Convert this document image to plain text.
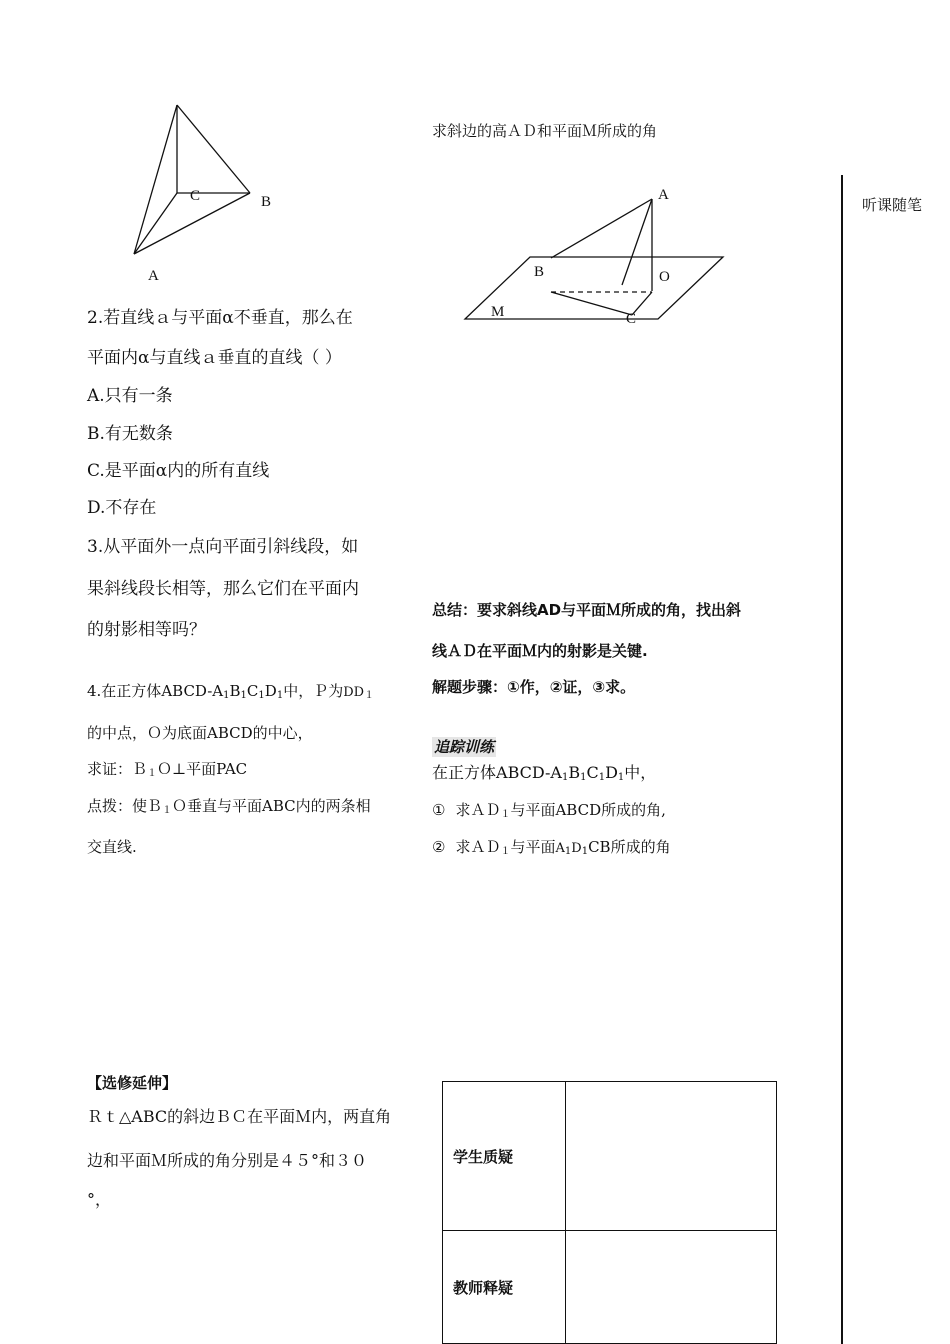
C	B
A
求斜边的高ＡＤ和平面Ｍ所成的角
A
B	O
M	C
听课随笔
2.若直线ａ与平面α不垂直，那么在
平面内α与直线ａ垂直的直线（ ）
A.只有一条
B.有无数条
C.是平面α内的所有直线
D.不存在
3.从平面外一点向平面引斜线段，如
果斜线段长相等，那么它们在平面内
的射影相等吗？
4.在正方体ABCD-$A_1B_1C_1D_1$中，Ｐ为$DD_1$
的中点，Ｏ为底面ABCD的中心，
求证：Ｂ$_1$Ｏ⊥平面PAC
点拨：使Ｂ$_1$Ｏ垂直与平面ABC内的两条相
交直线.
总结：要求斜线AD与平面Ｍ所成的角，找出斜
线ＡＤ在平面Ｍ内的射影是关键.
解题步骤：①作，②证，③求。
追踪训练
在正方体ABCD-$A_1B_1C_1D_1$中，
① 求ＡＤ$_1$与平面ABCD所成的角,
② 求ＡＤ$_1$与平面$A_1D_1CB$所成的角
【选修延伸】
Ｒｔ△ABC的斜边ＢＣ在平面Ｍ内，两直角
边和平面Ｍ所成的角分别是４５°和３０
°，
学生质疑	

教师释疑	
